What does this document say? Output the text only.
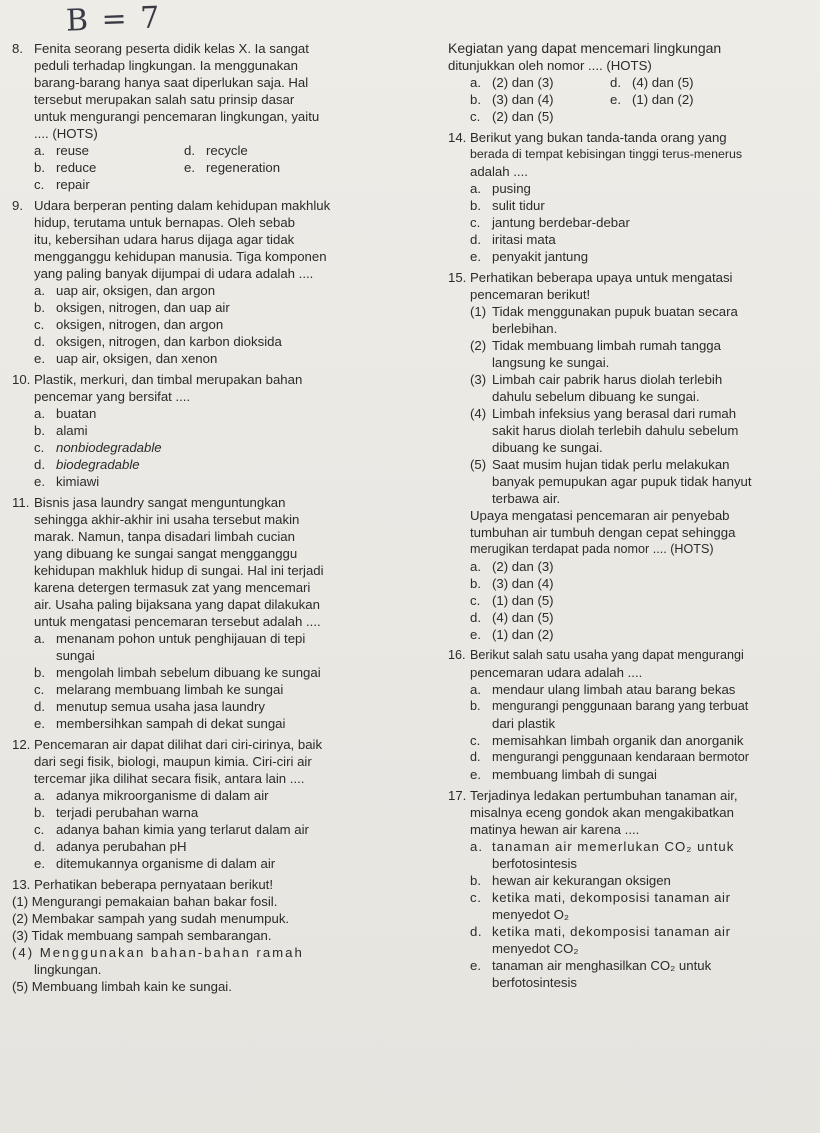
B = 7
8. Fenita seorang peserta didik kelas X. Ia sangat
peduli terhadap lingkungan. Ia menggunakan
barang-barang hanya saat diperlukan saja. Hal
tersebut merupakan salah satu prinsip dasar
untuk mengurangi pencemaran lingkungan, yaitu
.... (HOTS)
a. reuse	d. recycle
b. reduce	e. regeneration
c. repair
9. Udara berperan penting dalam kehidupan makhluk
hidup, terutama untuk bernapas. Oleh sebab
itu, kebersihan udara harus dijaga agar tidak
mengganggu kehidupan manusia. Tiga komponen
yang paling banyak dijumpai di udara adalah ....
a. uap air, oksigen, dan argon
b. oksigen, nitrogen, dan uap air
c. oksigen, nitrogen, dan argon
d. oksigen, nitrogen, dan karbon dioksida
e. uap air, oksigen, dan xenon
10. Plastik, merkuri, dan timbal merupakan bahan
pencemar yang bersifat ....
a. buatan
b. alami
c. nonbiodegradable
d. biodegradable
e. kimiawi
11. Bisnis jasa laundry sangat menguntungkan
sehingga akhir-akhir ini usaha tersebut makin
marak. Namun, tanpa disadari limbah cucian
yang dibuang ke sungai sangat mengganggu
kehidupan makhluk hidup di sungai. Hal ini terjadi
karena detergen termasuk zat yang mencemari
air. Usaha paling bijaksana yang dapat dilakukan
untuk mengatasi pencemaran tersebut adalah ....
a. menanam pohon untuk penghijauan di tepi
sungai
b. mengolah limbah sebelum dibuang ke sungai
c. melarang membuang limbah ke sungai
d. menutup semua usaha jasa laundry
e. membersihkan sampah di dekat sungai
12. Pencemaran air dapat dilihat dari ciri-cirinya, baik
dari segi fisik, biologi, maupun kimia. Ciri-ciri air
tercemar jika dilihat secara fisik, antara lain ....
a. adanya mikroorganisme di dalam air
b. terjadi perubahan warna
c. adanya bahan kimia yang terlarut dalam air
d. adanya perubahan pH
e. ditemukannya organisme di dalam air
13. Perhatikan beberapa pernyataan berikut!
(1) Mengurangi pemakaian bahan bakar fosil.
(2) Membakar sampah yang sudah menumpuk.
(3) Tidak membuang sampah sembarangan.
(4) Menggunakan bahan-bahan ramah
lingkungan.
(5) Membuang limbah kain ke sungai.
Kegiatan yang dapat mencemari lingkungan
ditunjukkan oleh nomor .... (HOTS)
a. (2) dan (3)	d. (4) dan (5)
b. (3) dan (4)	e. (1) dan (2)
c. (2) dan (5)
14. Berikut yang bukan tanda-tanda orang yang
berada di tempat kebisingan tinggi terus-menerus
adalah ....
a. pusing
b. sulit tidur
c. jantung berdebar-debar
d. iritasi mata
e. penyakit jantung
15. Perhatikan beberapa upaya untuk mengatasi
pencemaran berikut!
(1) Tidak menggunakan pupuk buatan secara
berlebihan.
(2) Tidak membuang limbah rumah tangga
langsung ke sungai.
(3) Limbah cair pabrik harus diolah terlebih
dahulu sebelum dibuang ke sungai.
(4) Limbah infeksius yang berasal dari rumah
sakit harus diolah terlebih dahulu sebelum
dibuang ke sungai.
(5) Saat musim hujan tidak perlu melakukan
banyak pemupukan agar pupuk tidak hanyut
terbawa air.
Upaya mengatasi pencemaran air penyebab
tumbuhan air tumbuh dengan cepat sehingga
merugikan terdapat pada nomor .... (HOTS)
a. (2) dan (3)
b. (3) dan (4)
c. (1) dan (5)
d. (4) dan (5)
e. (1) dan (2)
16. Berikut salah satu usaha yang dapat mengurangi
pencemaran udara adalah ....
a. mendaur ulang limbah atau barang bekas
b. mengurangi penggunaan barang yang terbuat
dari plastik
c. memisahkan limbah organik dan anorganik
d. mengurangi penggunaan kendaraan bermotor
e. membuang limbah di sungai
17. Terjadinya ledakan pertumbuhan tanaman air,
misalnya eceng gondok akan mengakibatkan
matinya hewan air karena ....
a. tanaman air memerlukan CO₂ untuk
berfotosintesis
b. hewan air kekurangan oksigen
c. ketika mati, dekomposisi tanaman air
menyedot O₂
d. ketika mati, dekomposisi tanaman air
menyedot CO₂
e. tanaman air menghasilkan CO₂ untuk
berfotosintesis
